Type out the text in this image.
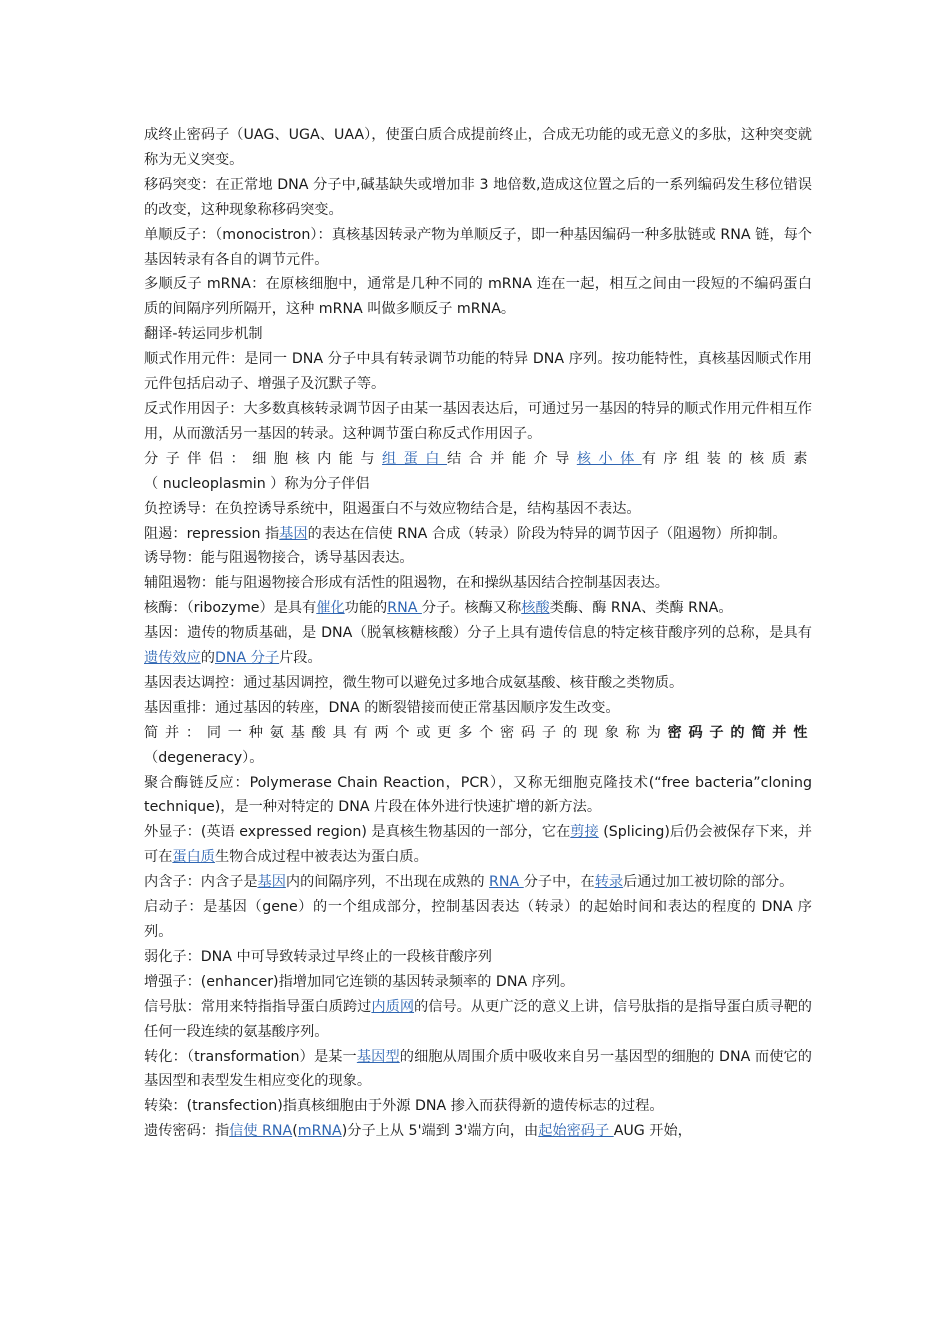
成终止密码子（UAG、UGA、UAA），使蛋白质合成提前终止，合成无功能的或无意义的多肽，这种突变就称为无义突变。

移码突变：在正常地 DNA 分子中,碱基缺失或增加非 3 地倍数,造成这位置之后的一系列编码发生移位错误的改变，这种现象称移码突变。

单顺反子：（monocistron）：真核基因转录产物为单顺反子，即一种基因编码一种多肽链或 RNA 链，每个基因转录有各自的调节元件。

多顺反子 mRNA：在原核细胞中，通常是几种不同的 mRNA 连在一起，相互之间由一段短的不编码蛋白质的间隔序列所隔开，这种 mRNA 叫做多顺反子 mRNA。

翻译-转运同步机制

顺式作用元件：是同一 DNA 分子中具有转录调节功能的特异 DNA 序列。按功能特性，真核基因顺式作用元件包括启动子、增强子及沉默子等。

反式作用因子：大多数真核转录调节因子由某一基因表达后，可通过另一基因的特异的顺式作用元件相互作用，从而激活另一基因的转录。这种调节蛋白称反式作用因子。

分子伴侣：细胞核内能与组蛋白结合并能介导核小体有序组装的核质素（nucleoplasmin ）称为分子伴侣

负控诱导：在负控诱导系统中，阻遏蛋白不与效应物结合是，结构基因不表达。

阻遏：repression 指基因的表达在信使 RNA 合成（转录）阶段为特异的调节因子（阻遏物）所抑制。

诱导物：能与阻遏物接合，诱导基因表达。

辅阻遏物：能与阻遏物接合形成有活性的阻遏物，在和操纵基因结合控制基因表达。

核酶：（ribozyme）是具有催化功能的RNA 分子。核酶又称核酸类酶、酶 RNA、类酶 RNA。

基因：遗传的物质基础，是 DNA（脱氧核糖核酸）分子上具有遗传信息的特定核苷酸序列的总称，是具有遗传效应的DNA 分子片段。

基因表达调控：通过基因调控，微生物可以避免过多地合成氨基酸、核苷酸之类物质。

基因重排：通过基因的转座，DNA 的断裂错接而使正常基因顺序发生改变。

简并：同一种氨基酸具有两个或更多个密码子的现象称为密码子的简并性（degeneracy）。

聚合酶链反应：Polymerase Chain Reaction，PCR），又称无细胞克隆技术(“free bacteria”cloning technique)，是一种对特定的 DNA 片段在体外进行快速扩增的新方法。

外显子：(英语 expressed region) 是真核生物基因的一部分，它在剪接 (Splicing)后仍会被保存下来，并可在蛋白质生物合成过程中被表达为蛋白质。

内含子：内含子是基因内的间隔序列，不出现在成熟的 RNA 分子中，在转录后通过加工被切除的部分。

启动子：是基因（gene）的一个组成部分，控制基因表达（转录）的起始时间和表达的程度的 DNA 序列。

弱化子：DNA 中可导致转录过早终止的一段核苷酸序列

增强子：(enhancer)指增加同它连锁的基因转录频率的 DNA 序列。

信号肽：常用来特指指导蛋白质跨过内质网的信号。从更广泛的意义上讲，信号肽指的是指导蛋白质寻靶的任何一段连续的氨基酸序列。

转化：（transformation）是某一基因型的细胞从周围介质中吸收来自另一基因型的细胞的 DNA 而使它的基因型和表型发生相应变化的现象。

转染：(transfection)指真核细胞由于外源 DNA 掺入而获得新的遗传标志的过程。

遗传密码：指信使 RNA(mRNA)分子上从 5'端到 3'端方向，由起始密码子 AUG 开始，
